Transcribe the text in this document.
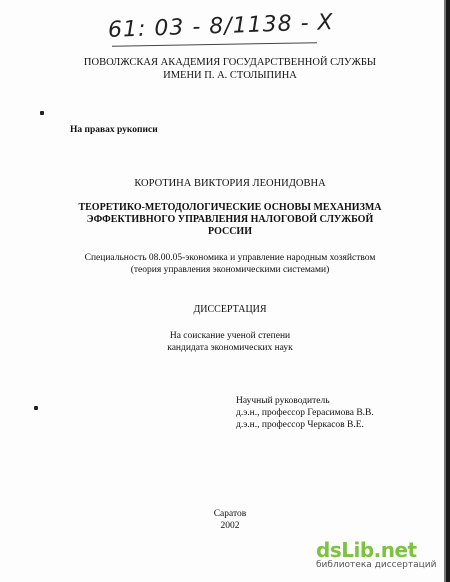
61: 03 - 8/1138 - X
ПОВОЛЖСКАЯ АКАДЕМИЯ ГОСУДАРСТВЕННОЙ СЛУЖБЫ
ИМЕНИ П. А. СТОЛЫПИНА
На правах рукописи
КОРОТИНА ВИКТОРИЯ ЛЕОНИДОВНА
ТЕОРЕТИКО-МЕТОДОЛОГИЧЕСКИЕ ОСНОВЫ МЕХАНИЗМА
ЭФФЕКТИВНОГО УПРАВЛЕНИЯ НАЛОГОВОЙ СЛУЖБОЙ
РОССИИ
Специальность 08.00.05-экономика и управление народным хозяйством
(теория управления экономическими системами)
ДИССЕРТАЦИЯ
На соискание ученой степени
кандидата экономических наук
Научный руководитель
д.э.н., профессор Герасимова В.В.
д.э.н., профессор Черкасов В.Е.
Саратов
2002
dsLib.net
библиотека диссертаций
